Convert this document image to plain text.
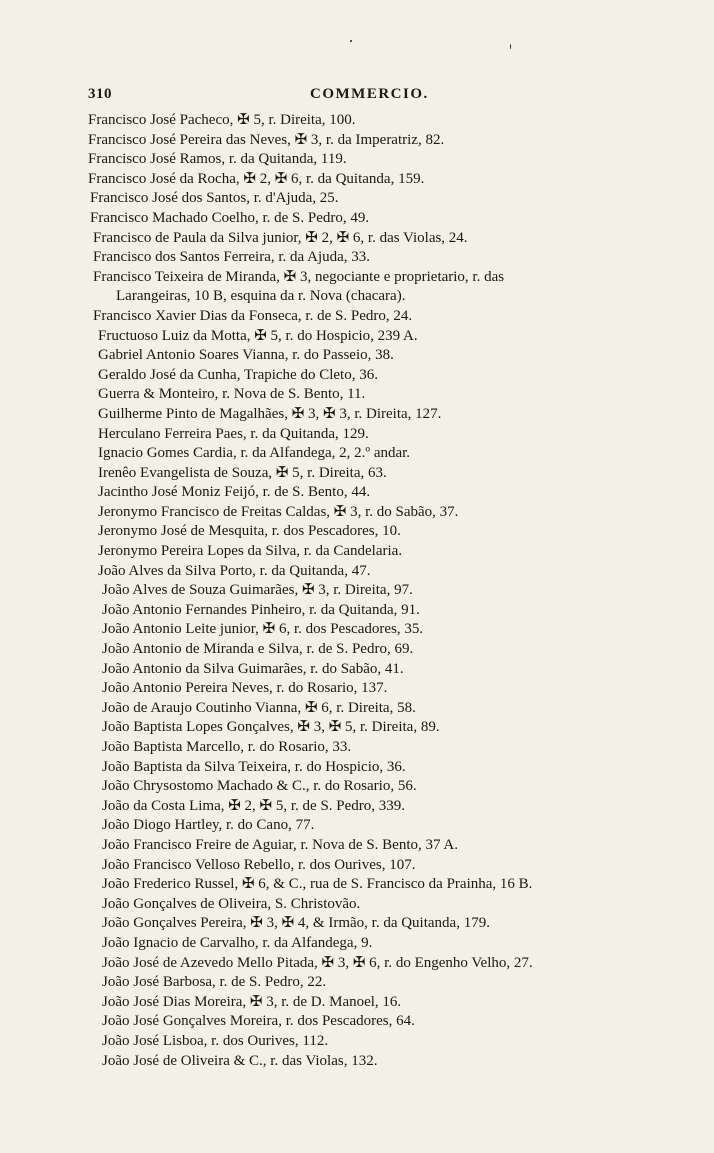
310	COMMERCIO.
Francisco José Pacheco, ✠ 5, r. Direita, 100.
Francisco José Pereira das Neves, ✠ 3, r. da Imperatriz, 82.
Francisco José Ramos, r. da Quitanda, 119.
Francisco José da Rocha, ✠ 2, ✠ 6, r. da Quitanda, 159.
Francisco José dos Santos, r. d'Ajuda, 25.
Francisco Machado Coelho, r. de S. Pedro, 49.
Francisco de Paula da Silva junior, ✠ 2, ✠ 6, r. das Violas, 24.
Francisco dos Santos Ferreira, r. da Ajuda, 33.
Francisco Teixeira de Miranda, ✠ 3, negociante e proprietario, r. das
Larangeiras, 10 B, esquina da r. Nova (chacara).
Francisco Xavier Dias da Fonseca, r. de S. Pedro, 24.
Fructuoso Luiz da Motta, ✠ 5, r. do Hospicio, 239 A.
Gabriel Antonio Soares Vianna, r. do Passeio, 38.
Geraldo José da Cunha, Trapiche do Cleto, 36.
Guerra & Monteiro, r. Nova de S. Bento, 11.
Guilherme Pinto de Magalhães, ✠ 3, ✠ 3, r. Direita, 127.
Herculano Ferreira Paes, r. da Quitanda, 129.
Ignacio Gomes Cardia, r. da Alfandega, 2, 2.º andar.
Irenêo Evangelista de Souza, ✠ 5, r. Direita, 63.
Jacintho José Moniz Feijó, r. de S. Bento, 44.
Jeronymo Francisco de Freitas Caldas, ✠ 3, r. do Sabão, 37.
Jeronymo José de Mesquita, r. dos Pescadores, 10.
Jeronymo Pereira Lopes da Silva, r. da Candelaria.
João Alves da Silva Porto, r. da Quitanda, 47.
João Alves de Souza Guimarães, ✠ 3, r. Direita, 97.
João Antonio Fernandes Pinheiro, r. da Quitanda, 91.
João Antonio Leite junior, ✠ 6, r. dos Pescadores, 35.
João Antonio de Miranda e Silva, r. de S. Pedro, 69.
João Antonio da Silva Guimarães, r. do Sabão, 41.
João Antonio Pereira Neves, r. do Rosario, 137.
João de Araujo Coutinho Vianna, ✠ 6, r. Direita, 58.
João Baptista Lopes Gonçalves, ✠ 3, ✠ 5, r. Direita, 89.
João Baptista Marcello, r. do Rosario, 33.
João Baptista da Silva Teixeira, r. do Hospicio, 36.
João Chrysostomo Machado & C., r. do Rosario, 56.
João da Costa Lima, ✠ 2, ✠ 5, r. de S. Pedro, 339.
João Diogo Hartley, r. do Cano, 77.
João Francisco Freire de Aguiar, r. Nova de S. Bento, 37 A.
João Francisco Velloso Rebello, r. dos Ourives, 107.
João Frederico Russel, ✠ 6, & C., rua de S. Francisco da Prainha, 16 B.
João Gonçalves de Oliveira, S. Christovão.
João Gonçalves Pereira, ✠ 3, ✠ 4, & Irmão, r. da Quitanda, 179.
João Ignacio de Carvalho, r. da Alfandega, 9.
João José de Azevedo Mello Pitada, ✠ 3, ✠ 6, r. do Engenho Velho, 27.
João José Barbosa, r. de S. Pedro, 22.
João José Dias Moreira, ✠ 3, r. de D. Manoel, 16.
João José Gonçalves Moreira, r. dos Pescadores, 64.
João José Lisboa, r. dos Ourives, 112.
João José de Oliveira & C., r. das Violas, 132.
